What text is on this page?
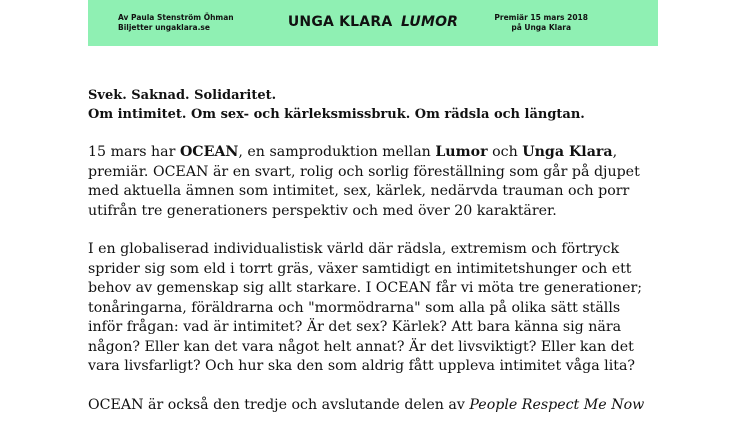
Av Paula Stenström Öhman
Biljetter ungaklara.se	UNGA KLARA LUMOR	Premiär 15 mars 2018
på Unga Klara
Svek. Saknad. Solidaritet.
Om intimitet. Om sex- och kärleksmissbruk. Om rädsla och längtan.
15 mars har OCEAN, en samproduktion mellan Lumor och Unga Klara,
premiär. OCEAN är en svart, rolig och sorlig föreställning som går på djupet
med aktuella ämnen som intimitet, sex, kärlek, nedärvda trauman och porr
utifrån tre generationers perspektiv och med över 20 karaktärer.
I en globaliserad individualistisk värld där rädsla, extremism och förtryck
sprider sig som eld i torrt gräs, växer samtidigt en intimitetshunger och ett
behov av gemenskap sig allt starkare. I OCEAN får vi möta tre generationer;
tonåringarna, föräldrarna och "mormödrarna" som alla på olika sätt ställs
inför frågan: vad är intimitet? Är det sex? Kärlek? Att bara känna sig nära
någon? Eller kan det vara något helt annat? Är det livsviktigt? Eller kan det
vara livsfarligt? Och hur ska den som aldrig fått uppleva intimitet våga lita?
OCEAN är också den tredje och avslutande delen av People Respect Me Now
